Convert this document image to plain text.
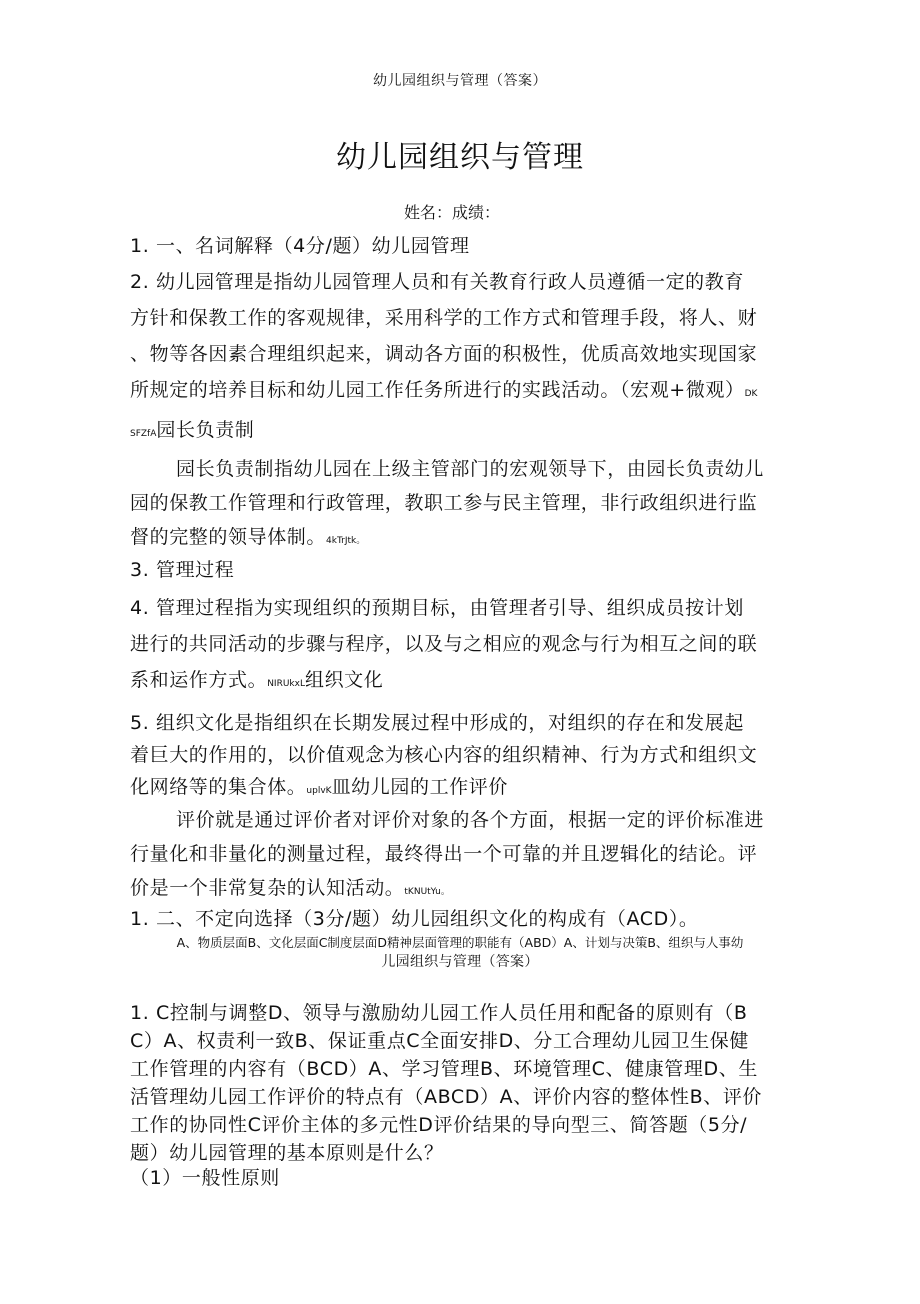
幼儿园组织与管理（答案）
幼儿园组织与管理
姓名：成绩：

1. 一、名词解释（4分/题）幼儿园管理

2. 幼儿园管理是指幼儿园管理人员和有关教育行政人员遵循一定的教育

方针和保教工作的客观规律，采用科学的工作方式和管理手段，将人、财

、物等各因素合理组织起来，调动各方面的积极性，优质高效地实现国家

所规定的培养目标和幼儿园工作任务所进行的实践活动。（宏观+微观）DK

SFZfA园长负责制

园长负责制指幼儿园在上级主管部门的宏观领导下，由园长负责幼儿

园的保教工作管理和行政管理，教职工参与民主管理，非行政组织进行监

督的完整的领导体制。4kTrJtk。

3. 管理过程

4. 管理过程指为实现组织的预期目标，由管理者引导、组织成员按计划

进行的共同活动的步骤与程序，以及与之相应的观念与行为相互之间的联

系和运作方式。NIRUkxL组织文化

5. 组织文化是指组织在长期发展过程中形成的，对组织的存在和发展起

着巨大的作用的，以价值观念为核心内容的组织精神、行为方式和组织文

化网络等的集合体。uplvK皿幼儿园的工作评价

评价就是通过评价者对评价对象的各个方面，根据一定的评价标准进

行量化和非量化的测量过程，最终得出一个可靠的并且逻辑化的结论。评

价是一个非常复杂的认知活动。tKNUtYu。

1. 二、不定向选择（3分/题）幼儿园组织文化的构成有（ACD）。

A、物质层面B、文化层面C制度层面D精神层面管理的职能有（ABD）A、计划与决策B、组织与人事幼
儿园组织与管理（答案）

1. C控制与调整D、领导与激励幼儿园工作人员任用和配备的原则有（B

C）A、权责利一致B、保证重点C全面安排D、分工合理幼儿园卫生保健

工作管理的内容有（BCD）A、学习管理B、环境管理C、健康管理D、生

活管理幼儿园工作评价的特点有（ABCD）A、评价内容的整体性B、评价

工作的协同性C评价主体的多元性D评价结果的导向型三、简答题（5分/

题）幼儿园管理的基本原则是什么？

（1）一般性原则
